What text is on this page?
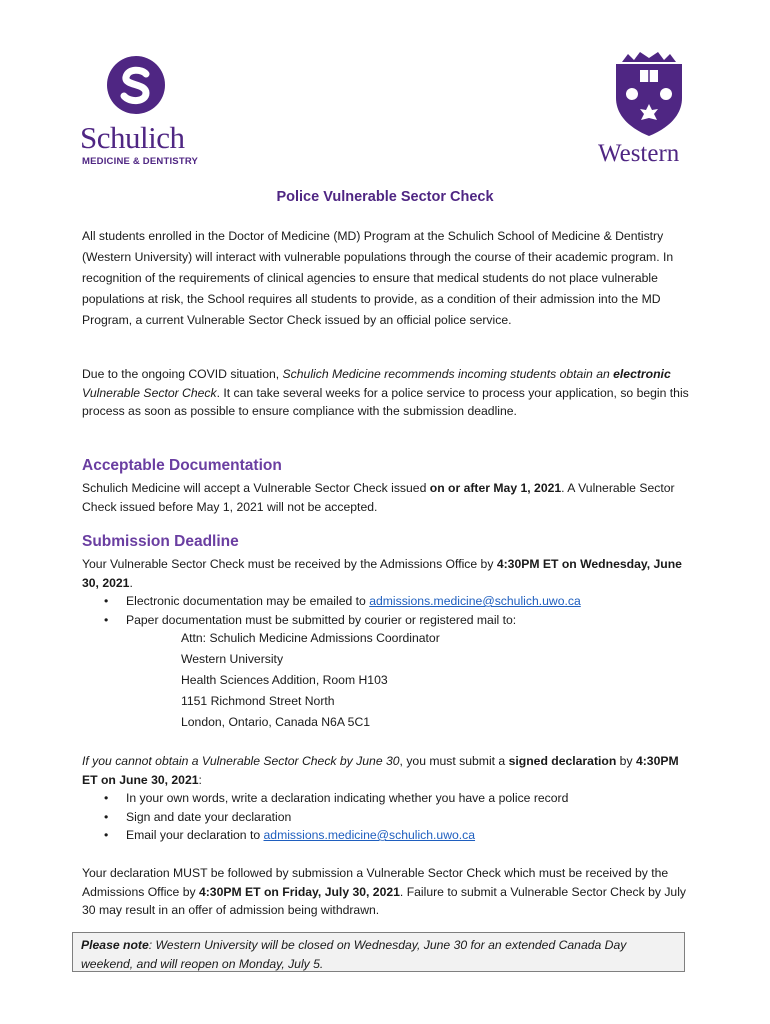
Schulich
MEDICINE & DENTISTRY	Western
Police Vulnerable Sector Check

All students enrolled in the Doctor of Medicine (MD) Program at the Schulich School of Medicine & Dentistry (Western University) will interact with vulnerable populations through the course of their academic program. In recognition of the requirements of clinical agencies to ensure that medical students do not place vulnerable populations at risk, the School requires all students to provide, as a condition of their admission into the MD Program, a current Vulnerable Sector Check issued by an official police service.

Due to the ongoing COVID situation, Schulich Medicine recommends incoming students obtain an electronic Vulnerable Sector Check. It can take several weeks for a police service to process your application, so begin this process as soon as possible to ensure compliance with the submission deadline.

Acceptable Documentation

Schulich Medicine will accept a Vulnerable Sector Check issued on or after May 1, 2021. A Vulnerable Sector Check issued before May 1, 2021 will not be accepted.

Submission Deadline

Your Vulnerable Sector Check must be received by the Admissions Office by 4:30PM ET on Wednesday, June 30, 2021.

• Electronic documentation may be emailed to admissions.medicine@schulich.uwo.ca
• Paper documentation must be submitted by courier or registered mail to:
Attn: Schulich Medicine Admissions Coordinator
Western University
Health Sciences Addition, Room H103
1151 Richmond Street North
London, Ontario, Canada N6A 5C1

If you cannot obtain a Vulnerable Sector Check by June 30, you must submit a signed declaration by 4:30PM ET on June 30, 2021:

• In your own words, write a declaration indicating whether you have a police record
• Sign and date your declaration
• Email your declaration to admissions.medicine@schulich.uwo.ca

Your declaration MUST be followed by submission a Vulnerable Sector Check which must be received by the Admissions Office by 4:30PM ET on Friday, July 30, 2021. Failure to submit a Vulnerable Sector Check by July 30 may result in an offer of admission being withdrawn.

Please note: Western University will be closed on Wednesday, June 30 for an extended Canada Day weekend, and will reopen on Monday, July 5.
